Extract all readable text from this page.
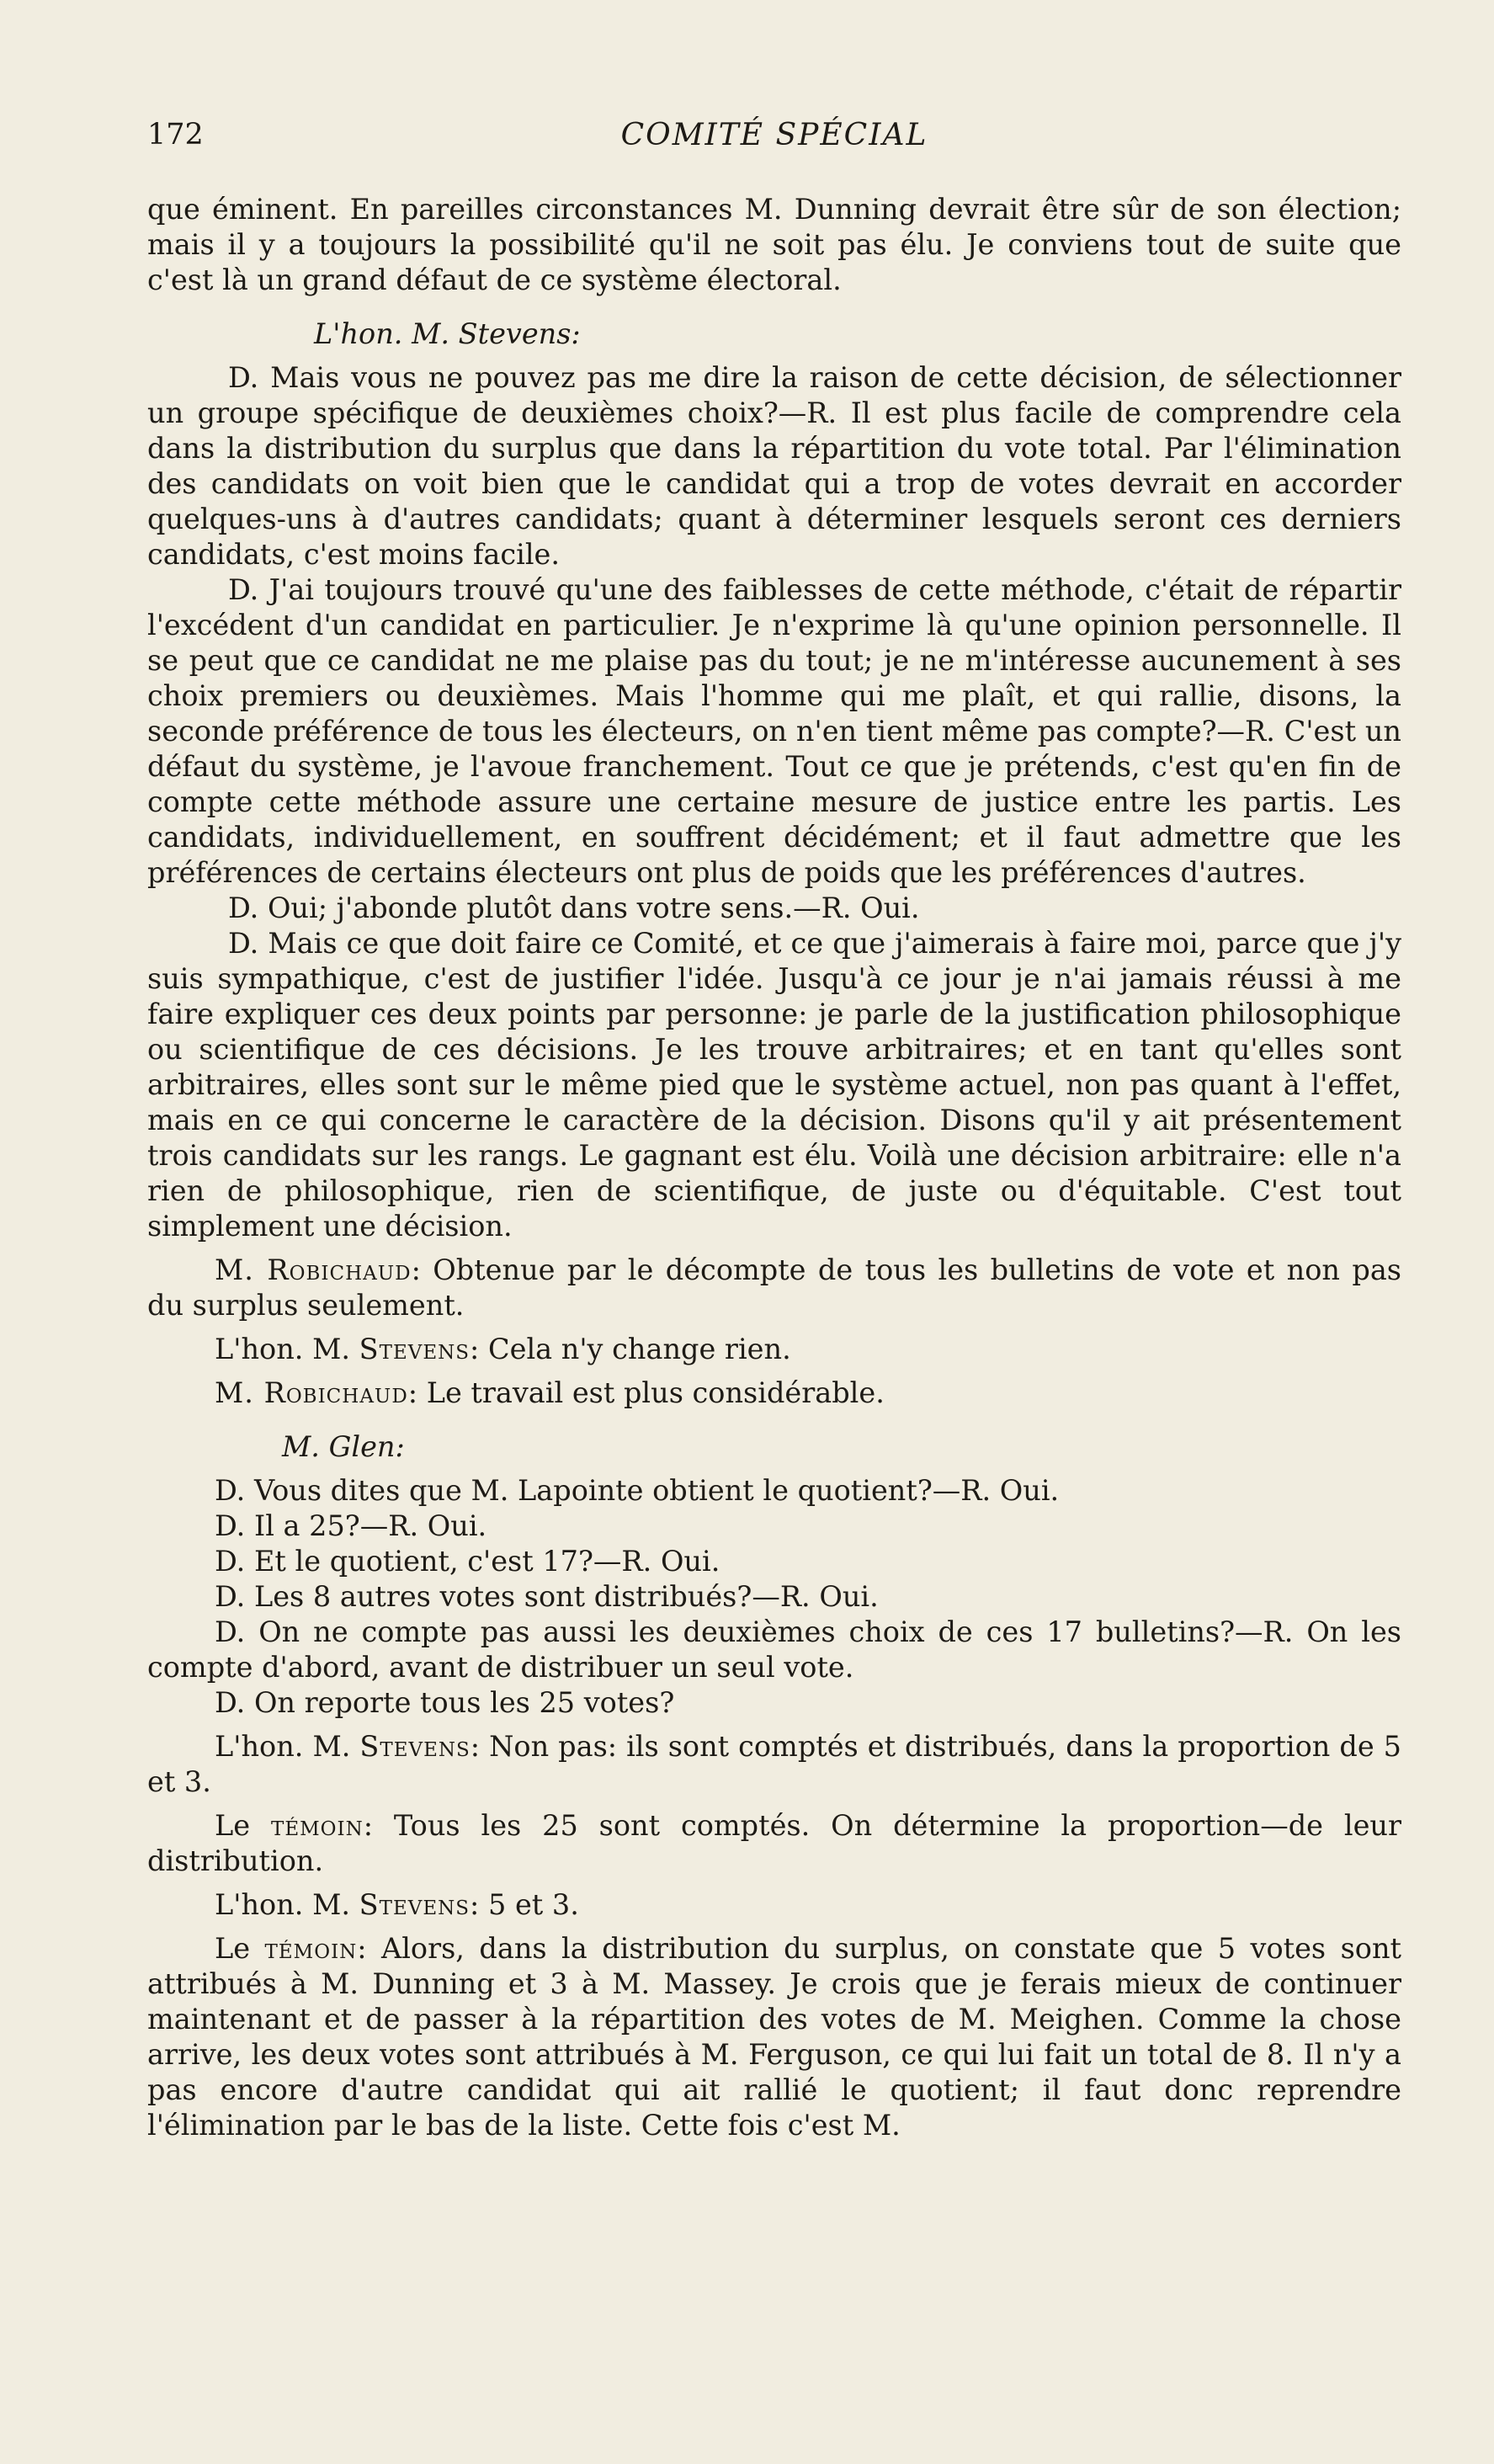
172	COMITÉ SPÉCIAL

que éminent. En pareilles circonstances M. Dunning devrait être sûr de son élection; mais il y a toujours la possibilité qu'il ne soit pas élu. Je conviens tout de suite que c'est là un grand défaut de ce système électoral.

L'hon. M. Stevens:

D. Mais vous ne pouvez pas me dire la raison de cette décision, de sélectionner un groupe spécifique de deuxièmes choix?—R. Il est plus facile de comprendre cela dans la distribution du surplus que dans la répartition du vote total. Par l'élimination des candidats on voit bien que le candidat qui a trop de votes devrait en accorder quelques-uns à d'autres candidats; quant à déterminer lesquels seront ces derniers candidats, c'est moins facile.

D. J'ai toujours trouvé qu'une des faiblesses de cette méthode, c'était de répartir l'excédent d'un candidat en particulier. Je n'exprime là qu'une opinion personnelle. Il se peut que ce candidat ne me plaise pas du tout; je ne m'intéresse aucunement à ses choix premiers ou deuxièmes. Mais l'homme qui me plaît, et qui rallie, disons, la seconde préférence de tous les électeurs, on n'en tient même pas compte?—R. C'est un défaut du système, je l'avoue franchement. Tout ce que je prétends, c'est qu'en fin de compte cette méthode assure une certaine mesure de justice entre les partis. Les candidats, individuellement, en souffrent décidément; et il faut admettre que les préférences de certains électeurs ont plus de poids que les préférences d'autres.

D. Oui; j'abonde plutôt dans votre sens.—R. Oui.

D. Mais ce que doit faire ce Comité, et ce que j'aimerais à faire moi, parce que j'y suis sympathique, c'est de justifier l'idée. Jusqu'à ce jour je n'ai jamais réussi à me faire expliquer ces deux points par personne: je parle de la justification philosophique ou scientifique de ces décisions. Je les trouve arbitraires; et en tant qu'elles sont arbitraires, elles sont sur le même pied que le système actuel, non pas quant à l'effet, mais en ce qui concerne le caractère de la décision. Disons qu'il y ait présentement trois candidats sur les rangs. Le gagnant est élu. Voilà une décision arbitraire: elle n'a rien de philosophique, rien de scientifique, de juste ou d'équitable. C'est tout simplement une décision.

M. Robichaud: Obtenue par le décompte de tous les bulletins de vote et non pas du surplus seulement.

L'hon. M. Stevens: Cela n'y change rien.

M. Robichaud: Le travail est plus considérable.

M. Glen:

D. Vous dites que M. Lapointe obtient le quotient?—R. Oui.

D. Il a 25?—R. Oui.

D. Et le quotient, c'est 17?—R. Oui.

D. Les 8 autres votes sont distribués?—R. Oui.

D. On ne compte pas aussi les deuxièmes choix de ces 17 bulletins?—R. On les compte d'abord, avant de distribuer un seul vote.

D. On reporte tous les 25 votes?

L'hon. M. Stevens: Non pas: ils sont comptés et distribués, dans la proportion de 5 et 3.

Le témoin: Tous les 25 sont comptés. On détermine la proportion—de leur distribution.

L'hon. M. Stevens: 5 et 3.

Le témoin: Alors, dans la distribution du surplus, on constate que 5 votes sont attribués à M. Dunning et 3 à M. Massey. Je crois que je ferais mieux de continuer maintenant et de passer à la répartition des votes de M. Meighen. Comme la chose arrive, les deux votes sont attribués à M. Ferguson, ce qui lui fait un total de 8. Il n'y a pas encore d'autre candidat qui ait rallié le quotient; il faut donc reprendre l'élimination par le bas de la liste. Cette fois c'est M.
